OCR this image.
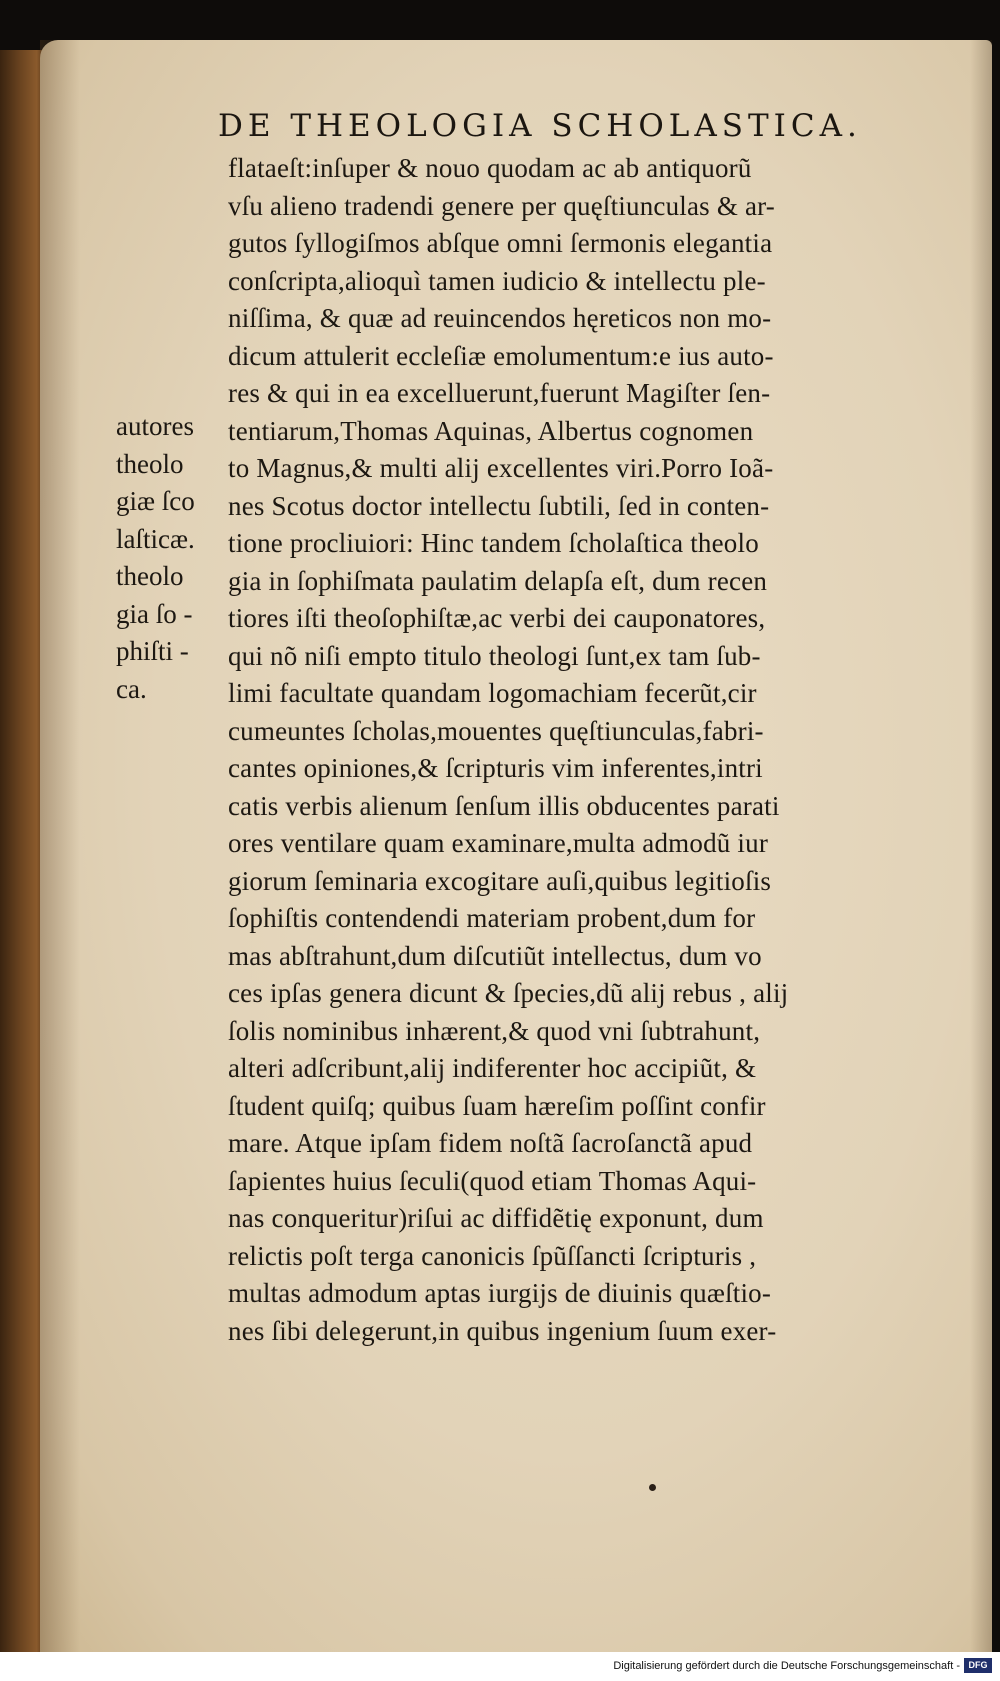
DE THEOLOGIA SCHOLASTICA.
autores
theolo
giæ ſco
laſticæ.
theolo
gia ſo -
phiſti -
ca.
flataeſt:inſuper & nouo quodam ac ab antiquorũ
vſu alieno tradendi genere per quęſtiunculas & ar-
gutos ſyllogiſmos abſque omni ſermonis elegantia
conſcripta,alioquì tamen iudicio & intellectu ple-
niſſima, & quæ ad reuincendos hęreticos non mo-
dicum attulerit eccleſiæ emolumentum:e ius auto-
res & qui in ea excelluerunt,fuerunt Magiſter ſen-
tentiarum,Thomas Aquinas, Albertus cognomen
to Magnus,& multi alij excellentes viri.Porro Ioã-
nes Scotus doctor intellectu ſubtili, ſed in conten-
tione procliuiori: Hinc tandem ſcholaſtica theolo
gia in ſophiſmata paulatim delapſa eſt, dum recen
tiores iſti theoſophiſtæ,ac verbi dei cauponatores,
qui nõ niſi empto titulo theologi ſunt,ex tam ſub-
limi facultate quandam logomachiam fecerũt,cir
cumeuntes ſcholas,mouentes quęſtiunculas,fabri-
cantes opiniones,& ſcripturis vim inferentes,intri
catis verbis alienum ſenſum illis obducentes parati
ores ventilare quam examinare,multa admodũ iur
giorum ſeminaria excogitare auſi,quibus legitioſis
ſophiſtis contendendi materiam probent,dum for
mas abſtrahunt,dum diſcutiũt intellectus, dum vo
ces ipſas genera dicunt & ſpecies,dũ alij rebus , alij
ſolis nominibus inhærent,& quod vni ſubtrahunt,
alteri adſcribunt,alij indiferenter hoc accipiũt, &
ſtudent quiſq; quibus ſuam hæreſim poſſint confir
mare. Atque ipſam fidem noſtã ſacroſanctã apud
ſapientes huius ſeculi(quod etiam Thomas Aqui-
nas conqueritur)riſui ac diffidẽtię exponunt, dum
relictis poſt terga canonicis ſpũſſancti ſcripturis ,
multas admodum aptas iurgijs de diuinis quæſtio-
nes ſibi delegerunt,in quibus ingenium ſuum exer-
Digitalisierung gefördert durch die Deutsche Forschungsgemeinschaft - DFG
